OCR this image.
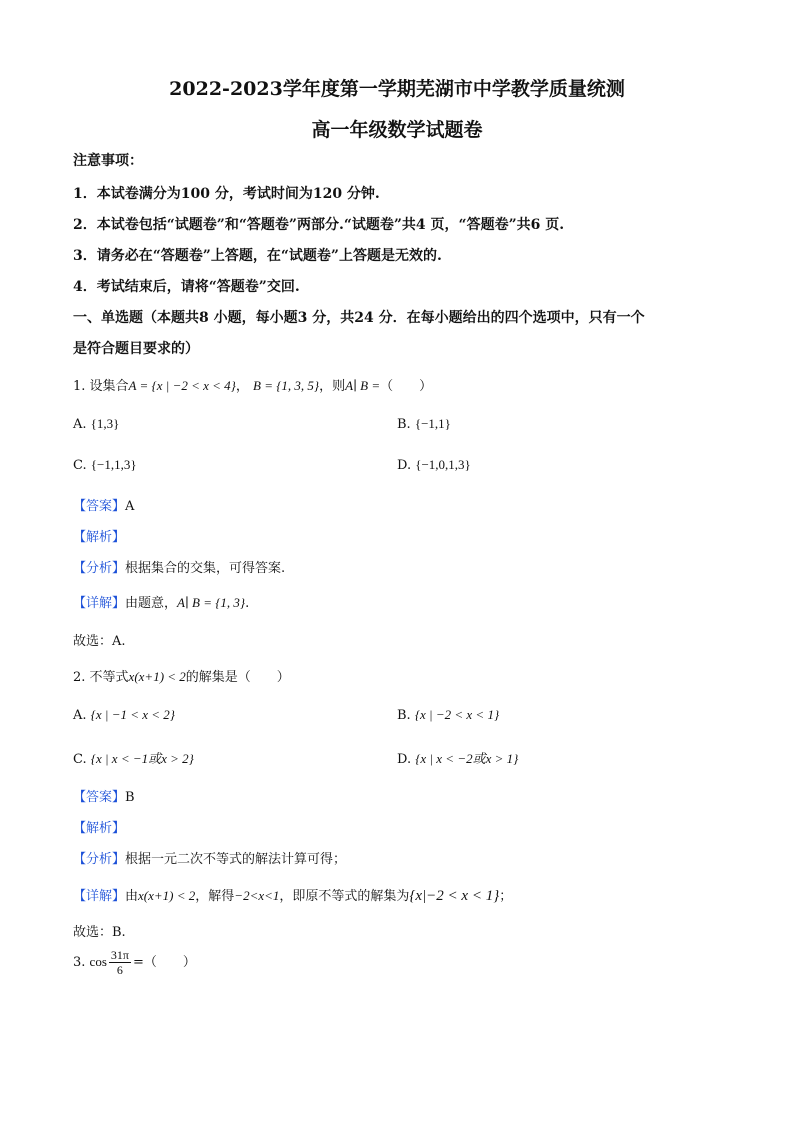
2022-2023学年度第一学期芜湖市中学教学质量统测
高一年级数学试题卷
注意事项：
1．本试卷满分为100 分，考试时间为120 分钟.
2．本试卷包括“试题卷”和“答题卷”两部分.“试题卷”共4 页，“答题卷”共6 页.
3．请务必在“答题卷”上答题，在“试题卷”上答题是无效的.
4．考试结束后，请将“答题卷”交回.
一、单选题（本题共8 小题，每小题3 分，共24 分．在每小题给出的四个选项中，只有一个
是符合题目要求的）
1. 设集合A = {x | −2 < x < 4}， B = {1, 3, 5}，则A∣ B =（　　）
A. {1,3}	B. {−1,1}
C. {−1,1,3}	D. {−1,0,1,3}
【答案】A
【解析】
【分析】根据集合的交集，可得答案.
【详解】由题意，A∣ B = {1, 3}.
故选：A.
2. 不等式x(x+1) < 2的解集是（　　）
A. {x | −1 < x < 2}	B. {x | −2 < x < 1}
C. {x | x < −1或x > 2}	D. {x | x < −2或x > 1}
【答案】B
【解析】
【分析】根据一元二次不等式的解法计算可得；
【详解】由x(x+1) < 2，解得−2<x<1，即原不等式的解集为{x|−2 < x < 1}；
故选：B.
3. $\cos \frac{31\pi}{6}$ =（　　）
